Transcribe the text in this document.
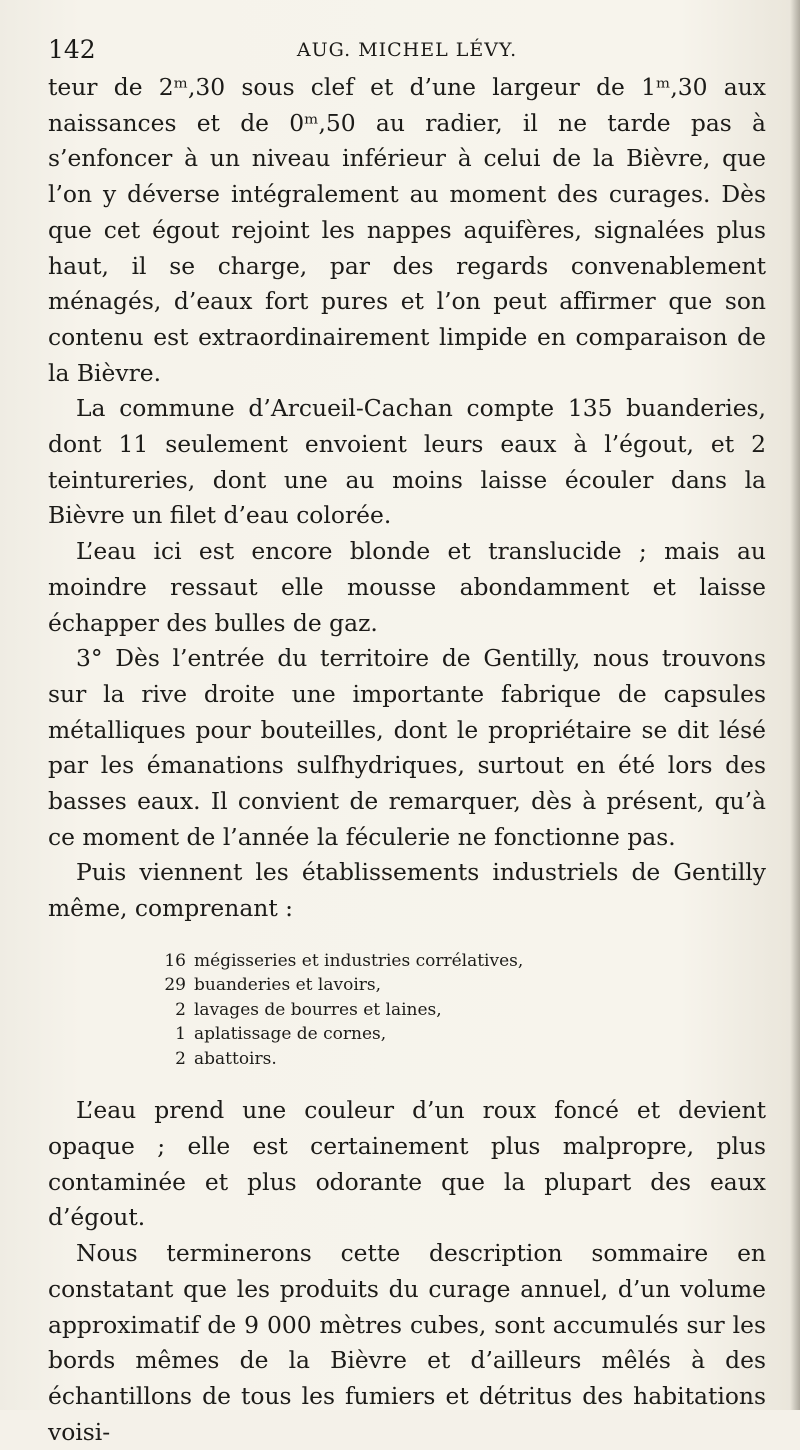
142	AUG. MICHEL LÉVY.

teur de 2ᵐ,30 sous clef et d’une largeur de 1ᵐ,30 aux naissances et de 0ᵐ,50 au radier, il ne tarde pas à s’enfoncer à un niveau inférieur à celui de la Bièvre, que l’on y déverse intégralement au moment des curages. Dès que cet égout rejoint les nappes aquifères, signalées plus haut, il se charge, par des regards convenablement ménagés, d’eaux fort pures et l’on peut affirmer que son contenu est extraordinairement limpide en comparaison de la Bièvre.

La commune d’Arcueil-Cachan compte 135 buanderies, dont 11 seulement envoient leurs eaux à l’égout, et 2 teintureries, dont une au moins laisse écouler dans la Bièvre un filet d’eau colorée.

L’eau ici est encore blonde et translucide ; mais au moindre ressaut elle mousse abondamment et laisse échapper des bulles de gaz.

3° Dès l’entrée du territoire de Gentilly, nous trouvons sur la rive droite une importante fabrique de capsules métalliques pour bouteilles, dont le propriétaire se dit lésé par les émanations sulfhydriques, surtout en été lors des basses eaux. Il convient de remarquer, dès à présent, qu’à ce moment de l’année la féculerie ne fonctionne pas.

Puis viennent les établissements industriels de Gentilly même, comprenant :

16 mégisseries et industries corrélatives,
29 buanderies et lavoirs,
2 lavages de bourres et laines,
1 aplatissage de cornes,
2 abattoirs.

L’eau prend une couleur d’un roux foncé et devient opaque ; elle est certainement plus malpropre, plus contaminée et plus odorante que la plupart des eaux d’égout.

Nous terminerons cette description sommaire en constatant que les produits du curage annuel, d’un volume approximatif de 9 000 mètres cubes, sont accumulés sur les bords mêmes de la Bièvre et d’ailleurs mêlés à des échantillons de tous les fumiers et détritus des habitations voisi-
